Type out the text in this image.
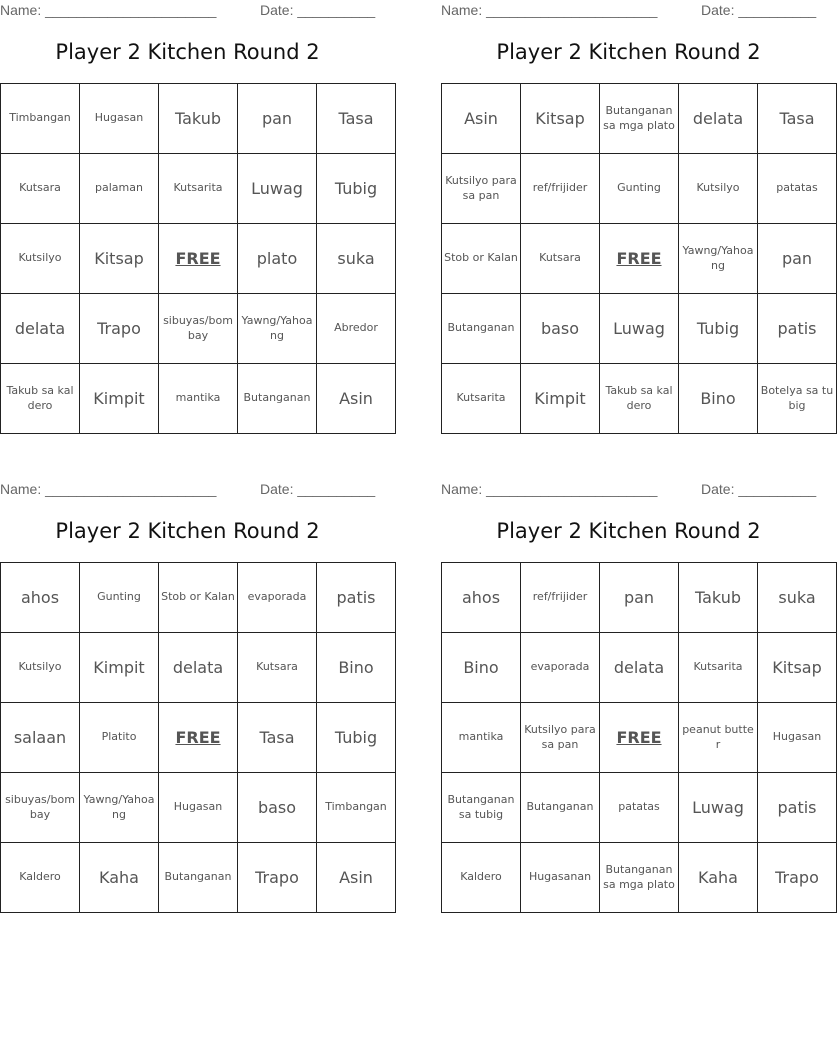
Name: ______________________	Date: __________
Player 2 Kitchen Round 2
Timbangan	Hugasan	Takub	pan	Tasa
Kutsara	palaman	Kutsarita	Luwag	Tubig
Kutsilyo	Kitsap	FREE	plato	suka
delata	Trapo	sibuyas/bombay	Yawng/Yahoang	Abredor
Takub sa kaldero	Kimpit	mantika	Butanganan	Asin
Name: ______________________	Date: __________
Player 2 Kitchen Round 2
Asin	Kitsap	Butanganan sa mga plato	delata	Tasa
Kutsilyo para sa pan	ref/frijider	Gunting	Kutsilyo	patatas
Stob or Kalan	Kutsara	FREE	Yawng/Yahoang	pan
Butanganan	baso	Luwag	Tubig	patis
Kutsarita	Kimpit	Takub sa kaldero	Bino	Botelya sa tubig
Name: ______________________	Date: __________
Player 2 Kitchen Round 2
ahos	Gunting	Stob or Kalan	evaporada	patis
Kutsilyo	Kimpit	delata	Kutsara	Bino
salaan	Platito	FREE	Tasa	Tubig
sibuyas/bombay	Yawng/Yahoang	Hugasan	baso	Timbangan
Kaldero	Kaha	Butanganan	Trapo	Asin
Name: ______________________	Date: __________
Player 2 Kitchen Round 2
ahos	ref/frijider	pan	Takub	suka
Bino	evaporada	delata	Kutsarita	Kitsap
mantika	Kutsilyo para sa pan	FREE	peanut butter	Hugasan
Butanganan sa tubig	Butanganan	patatas	Luwag	patis
Kaldero	Hugasanan	Butanganan sa mga plato	Kaha	Trapo
